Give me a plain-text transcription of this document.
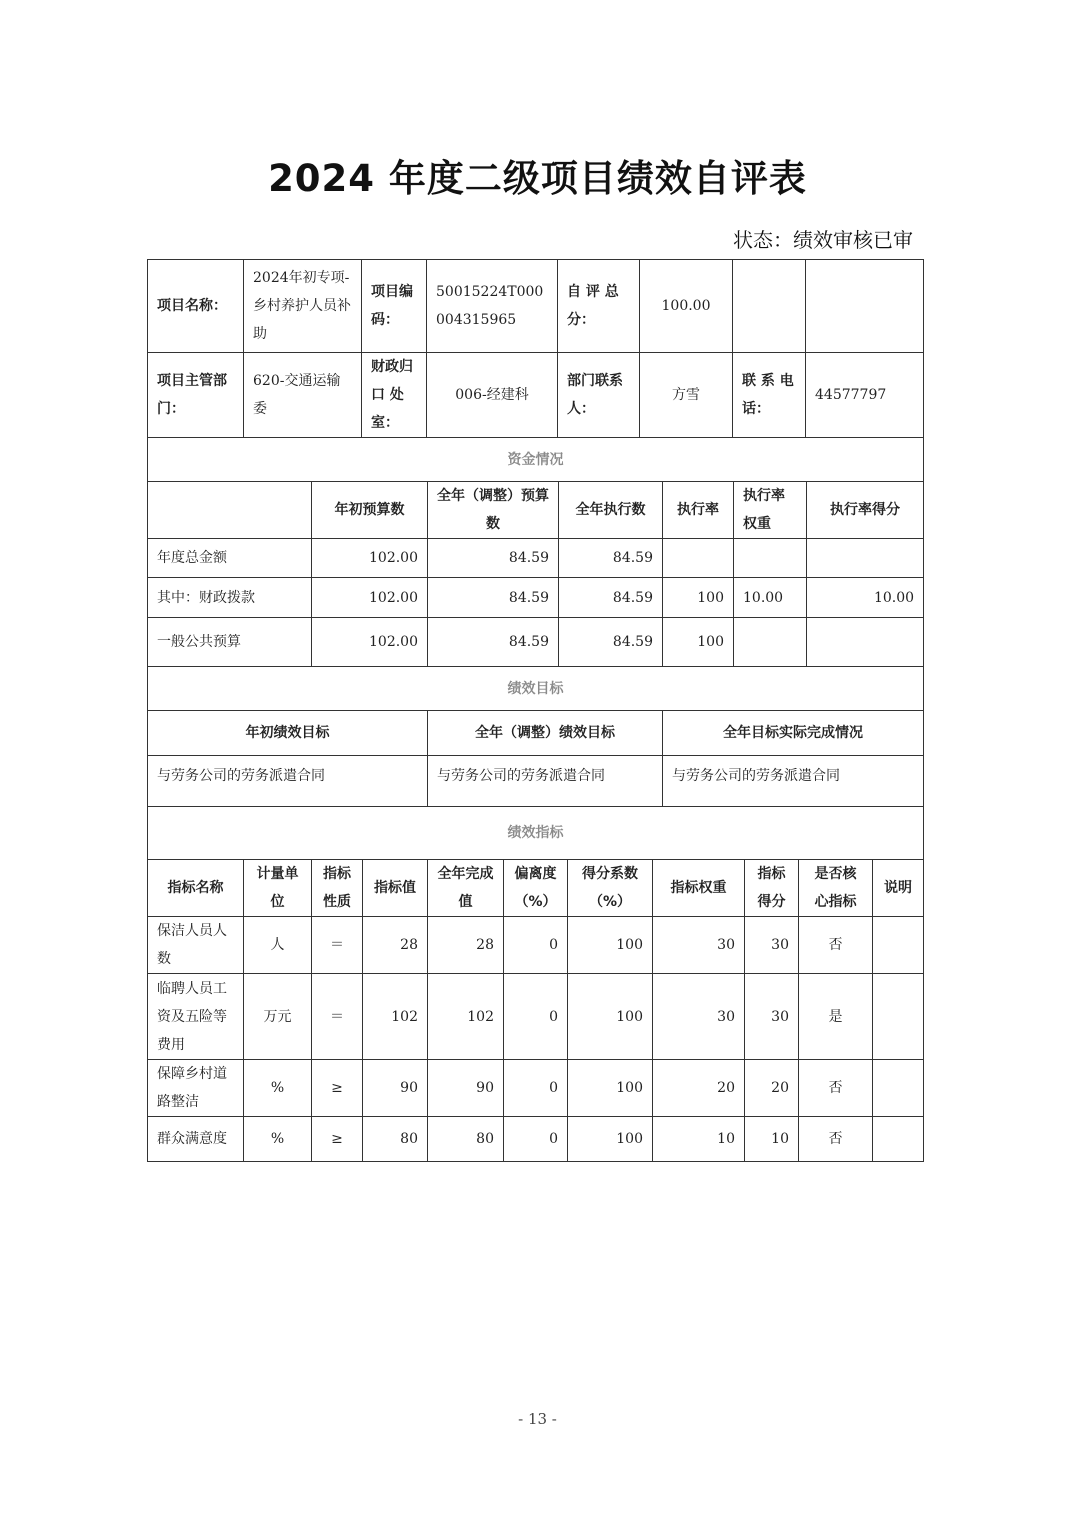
2024 年度二级项目绩效自评表
状态：绩效审核已审
项目名称：	2024年初专项-乡村养护人员补助	项目编码：	50015224T000004315965	自 评 总 分：	100.00		
项目主管部门：	620-交通运输委	财政归口 处室：	006-经建科	部门联系人：	方雪	联 系 电 话：	44577797
资金情况						
	年初预算数	全年（调整）预算数	全年执行数	执行率	执行率权重	执行率得分
年度总金额	102.00	84.59	84.59			
其中：财政拨款	102.00	84.59	84.59	100	10.00	10.00
一般公共预算	102.00	84.59	84.59	100		
绩效目标		
年初绩效目标	全年（调整）绩效目标	全年目标实际完成情况
与劳务公司的劳务派遣合同	与劳务公司的劳务派遣合同	与劳务公司的劳务派遣合同
绩效指标										
指标名称	计量单位	指标性质	指标值	全年完成值	偏离度（%）	得分系数（%）	指标权重	指标得分	是否核心指标	说明
保洁人员人数	人	＝	28	28	0	100	30	30	否	
临聘人员工资及五险等费用	万元	＝	102	102	0	100	30	30	是	
保障乡村道路整洁	%	≥	90	90	0	100	20	20	否	
群众满意度	%	≥	80	80	0	100	10	10	否	
- 13 -
